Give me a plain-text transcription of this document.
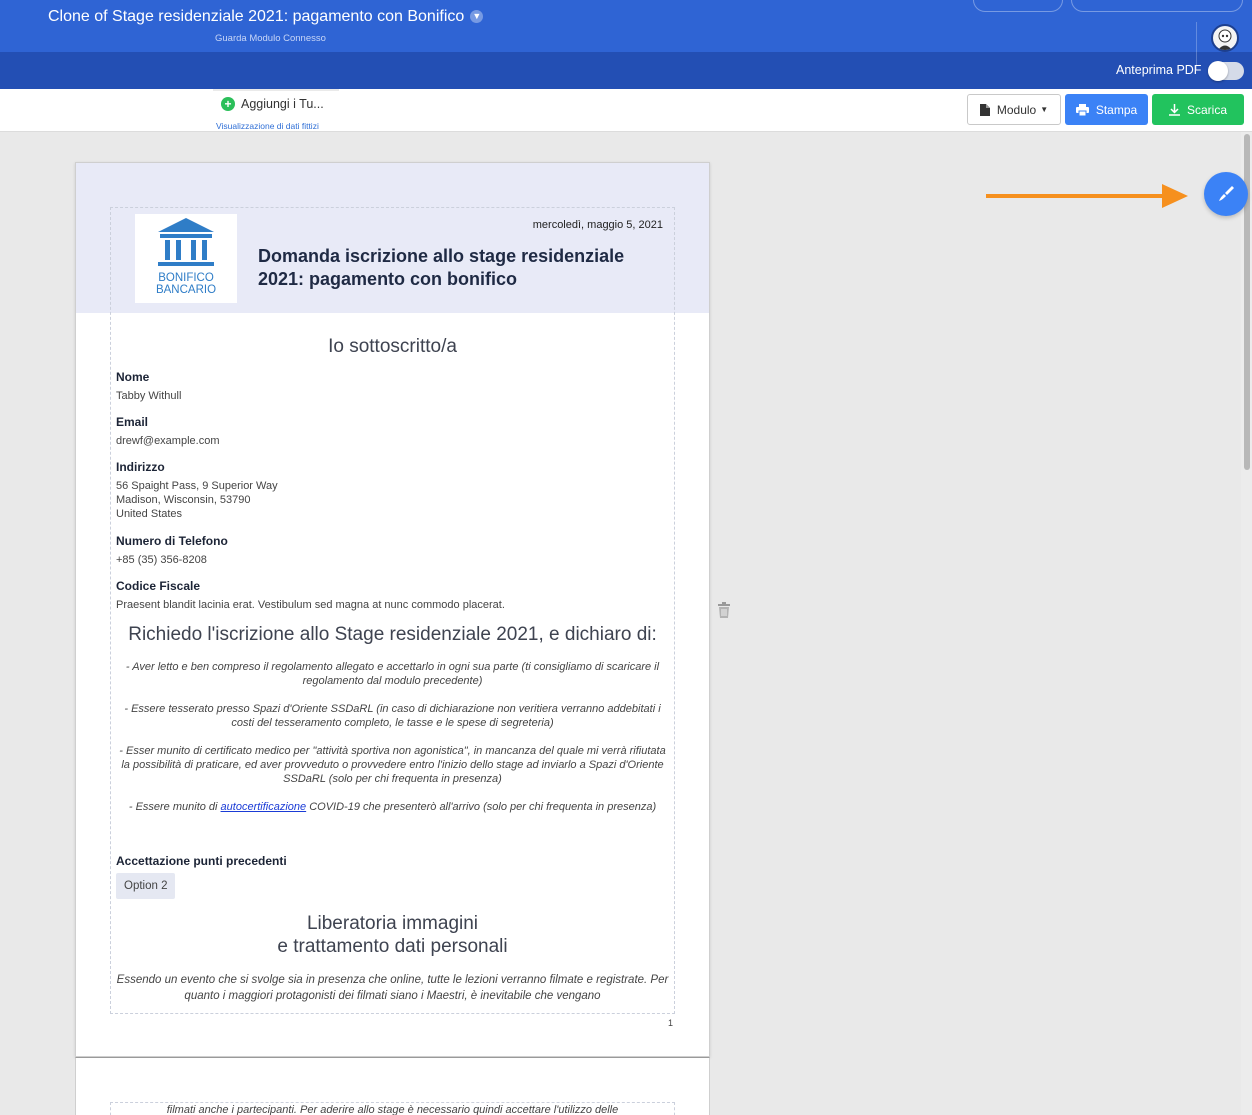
Clone of Stage residenziale 2021: pagamento con Bonifico ▼
Guarda Modulo Connesso
Anteprima PDF
+ Aggiungi i Tu...
Visualizzazione di dati fittizi
Modulo ▼	Stampa	Scarica
BONIFICO
BANCARIO
mercoledì, maggio 5, 2021
Domanda iscrizione allo stage residenziale 2021: pagamento con bonifico
Io sottoscritto/a
Nome
Tabby Withull
Email
drewf@example.com
Indirizzo
56 Spaight Pass, 9 Superior Way
Madison, Wisconsin, 53790
United States
Numero di Telefono
+85 (35) 356-8208
Codice Fiscale
Praesent blandit lacinia erat. Vestibulum sed magna at nunc commodo placerat.
Richiedo l'iscrizione allo Stage residenziale 2021, e dichiaro di:
- Aver letto e ben compreso il regolamento allegato e accettarlo in ogni sua parte (ti consigliamo di scaricare il regolamento dal modulo precedente)
- Essere tesserato presso Spazi d'Oriente SSDaRL (in caso di dichiarazione non veritiera verranno addebitati i costi del tesseramento completo, le tasse e le spese di segreteria)
- Esser munito di certificato medico per "attività sportiva non agonistica", in mancanza del quale mi verrà rifiutata la possibilità di praticare, ed aver provveduto o provvedere entro l'inizio dello stage ad inviarlo a Spazi d'Oriente SSDaRL (solo per chi frequenta in presenza)
- Essere munito di autocertificazione COVID-19 che presenterò all'arrivo (solo per chi frequenta in presenza)
Accettazione punti precedenti
Option 2
Liberatoria immagini
e trattamento dati personali
Essendo un evento che si svolge sia in presenza che online, tutte le lezioni verranno filmate e registrate. Per quanto i maggiori protagonisti dei filmati siano i Maestri, è inevitabile che vengano
1
filmati anche i partecipanti. Per aderire allo stage è necessario quindi accettare l'utilizzo delle
